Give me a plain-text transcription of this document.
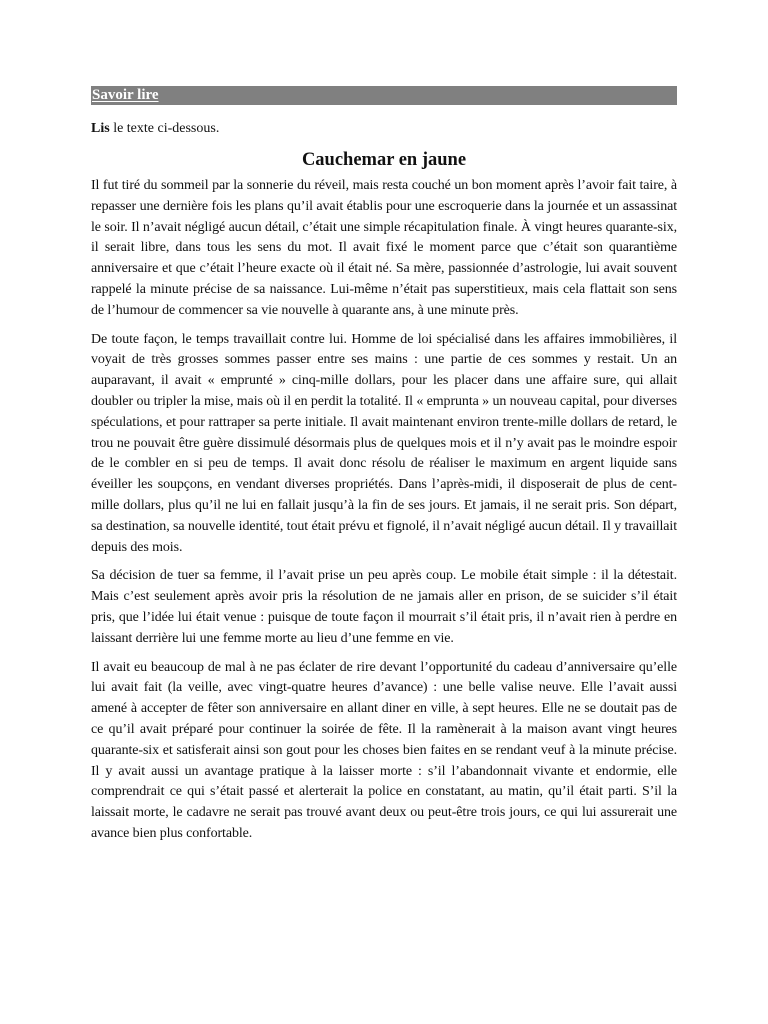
Savoir lire
Lis le texte ci-dessous.
Cauchemar en jaune

Il fut tiré du sommeil par la sonnerie du réveil, mais resta couché un bon moment après l’avoir fait taire, à repasser une dernière fois les plans qu’il avait établis pour une escroquerie dans la journée et un assassinat le soir. Il n’avait négligé aucun détail, c’était une simple récapitulation finale. À vingt heures quarante-six, il serait libre, dans tous les sens du mot. Il avait fixé le moment parce que c’était son quarantième anniversaire et que c’était l’heure exacte où il était né. Sa mère, passionnée d’astrologie, lui avait souvent rappelé la minute précise de sa naissance. Lui-même n’était pas superstitieux, mais cela flattait son sens de l’humour de commencer sa vie nouvelle à quarante ans, à une minute près.

De toute façon, le temps travaillait contre lui. Homme de loi spécialisé dans les affaires immobilières, il voyait de très grosses sommes passer entre ses mains : une partie de ces sommes y restait. Un an auparavant, il avait « emprunté » cinq-mille dollars, pour les placer dans une affaire sure, qui allait doubler ou tripler la mise, mais où il en perdit la totalité. Il « emprunta » un nouveau capital, pour diverses spéculations, et pour rattraper sa perte initiale. Il avait maintenant environ trente-mille dollars de retard, le trou ne pouvait être guère dissimulé désormais plus de quelques mois et il n’y avait pas le moindre espoir de le combler en si peu de temps. Il avait donc résolu de réaliser le maximum en argent liquide sans éveiller les soupçons, en vendant diverses propriétés. Dans l’après-midi, il disposerait de plus de cent-mille dollars, plus qu’il ne lui en fallait jusqu’à la fin de ses jours. Et jamais, il ne serait pris. Son départ, sa destination, sa nouvelle identité, tout était prévu et fignolé, il n’avait négligé aucun détail. Il y travaillait depuis des mois.

Sa décision de tuer sa femme, il l’avait prise un peu après coup. Le mobile était simple : il la détestait. Mais c’est seulement après avoir pris la résolution de ne jamais aller en prison, de se suicider s’il était pris, que l’idée lui était venue : puisque de toute façon il mourrait s’il était pris, il n’avait rien à perdre en laissant derrière lui une femme morte au lieu d’une femme en vie.

Il avait eu beaucoup de mal à ne pas éclater de rire devant l’opportunité du cadeau d’anniversaire qu’elle lui avait fait (la veille, avec vingt-quatre heures d’avance) : une belle valise neuve. Elle l’avait aussi amené à accepter de fêter son anniversaire en allant diner en ville, à sept heures. Elle ne se doutait pas de ce qu’il avait préparé pour continuer la soirée de fête. Il la ramènerait à la maison avant vingt heures quarante-six et satisferait ainsi son gout pour les choses bien faites en se rendant veuf à la minute précise. Il y avait aussi un avantage pratique à la laisser morte : s’il l’abandonnait vivante et endormie, elle comprendrait ce qui s’était passé et alerterait la police en constatant, au matin, qu’il était parti. S’il la laissait morte, le cadavre ne serait pas trouvé avant deux ou peut-être trois jours, ce qui lui assurerait une avance bien plus confortable.
